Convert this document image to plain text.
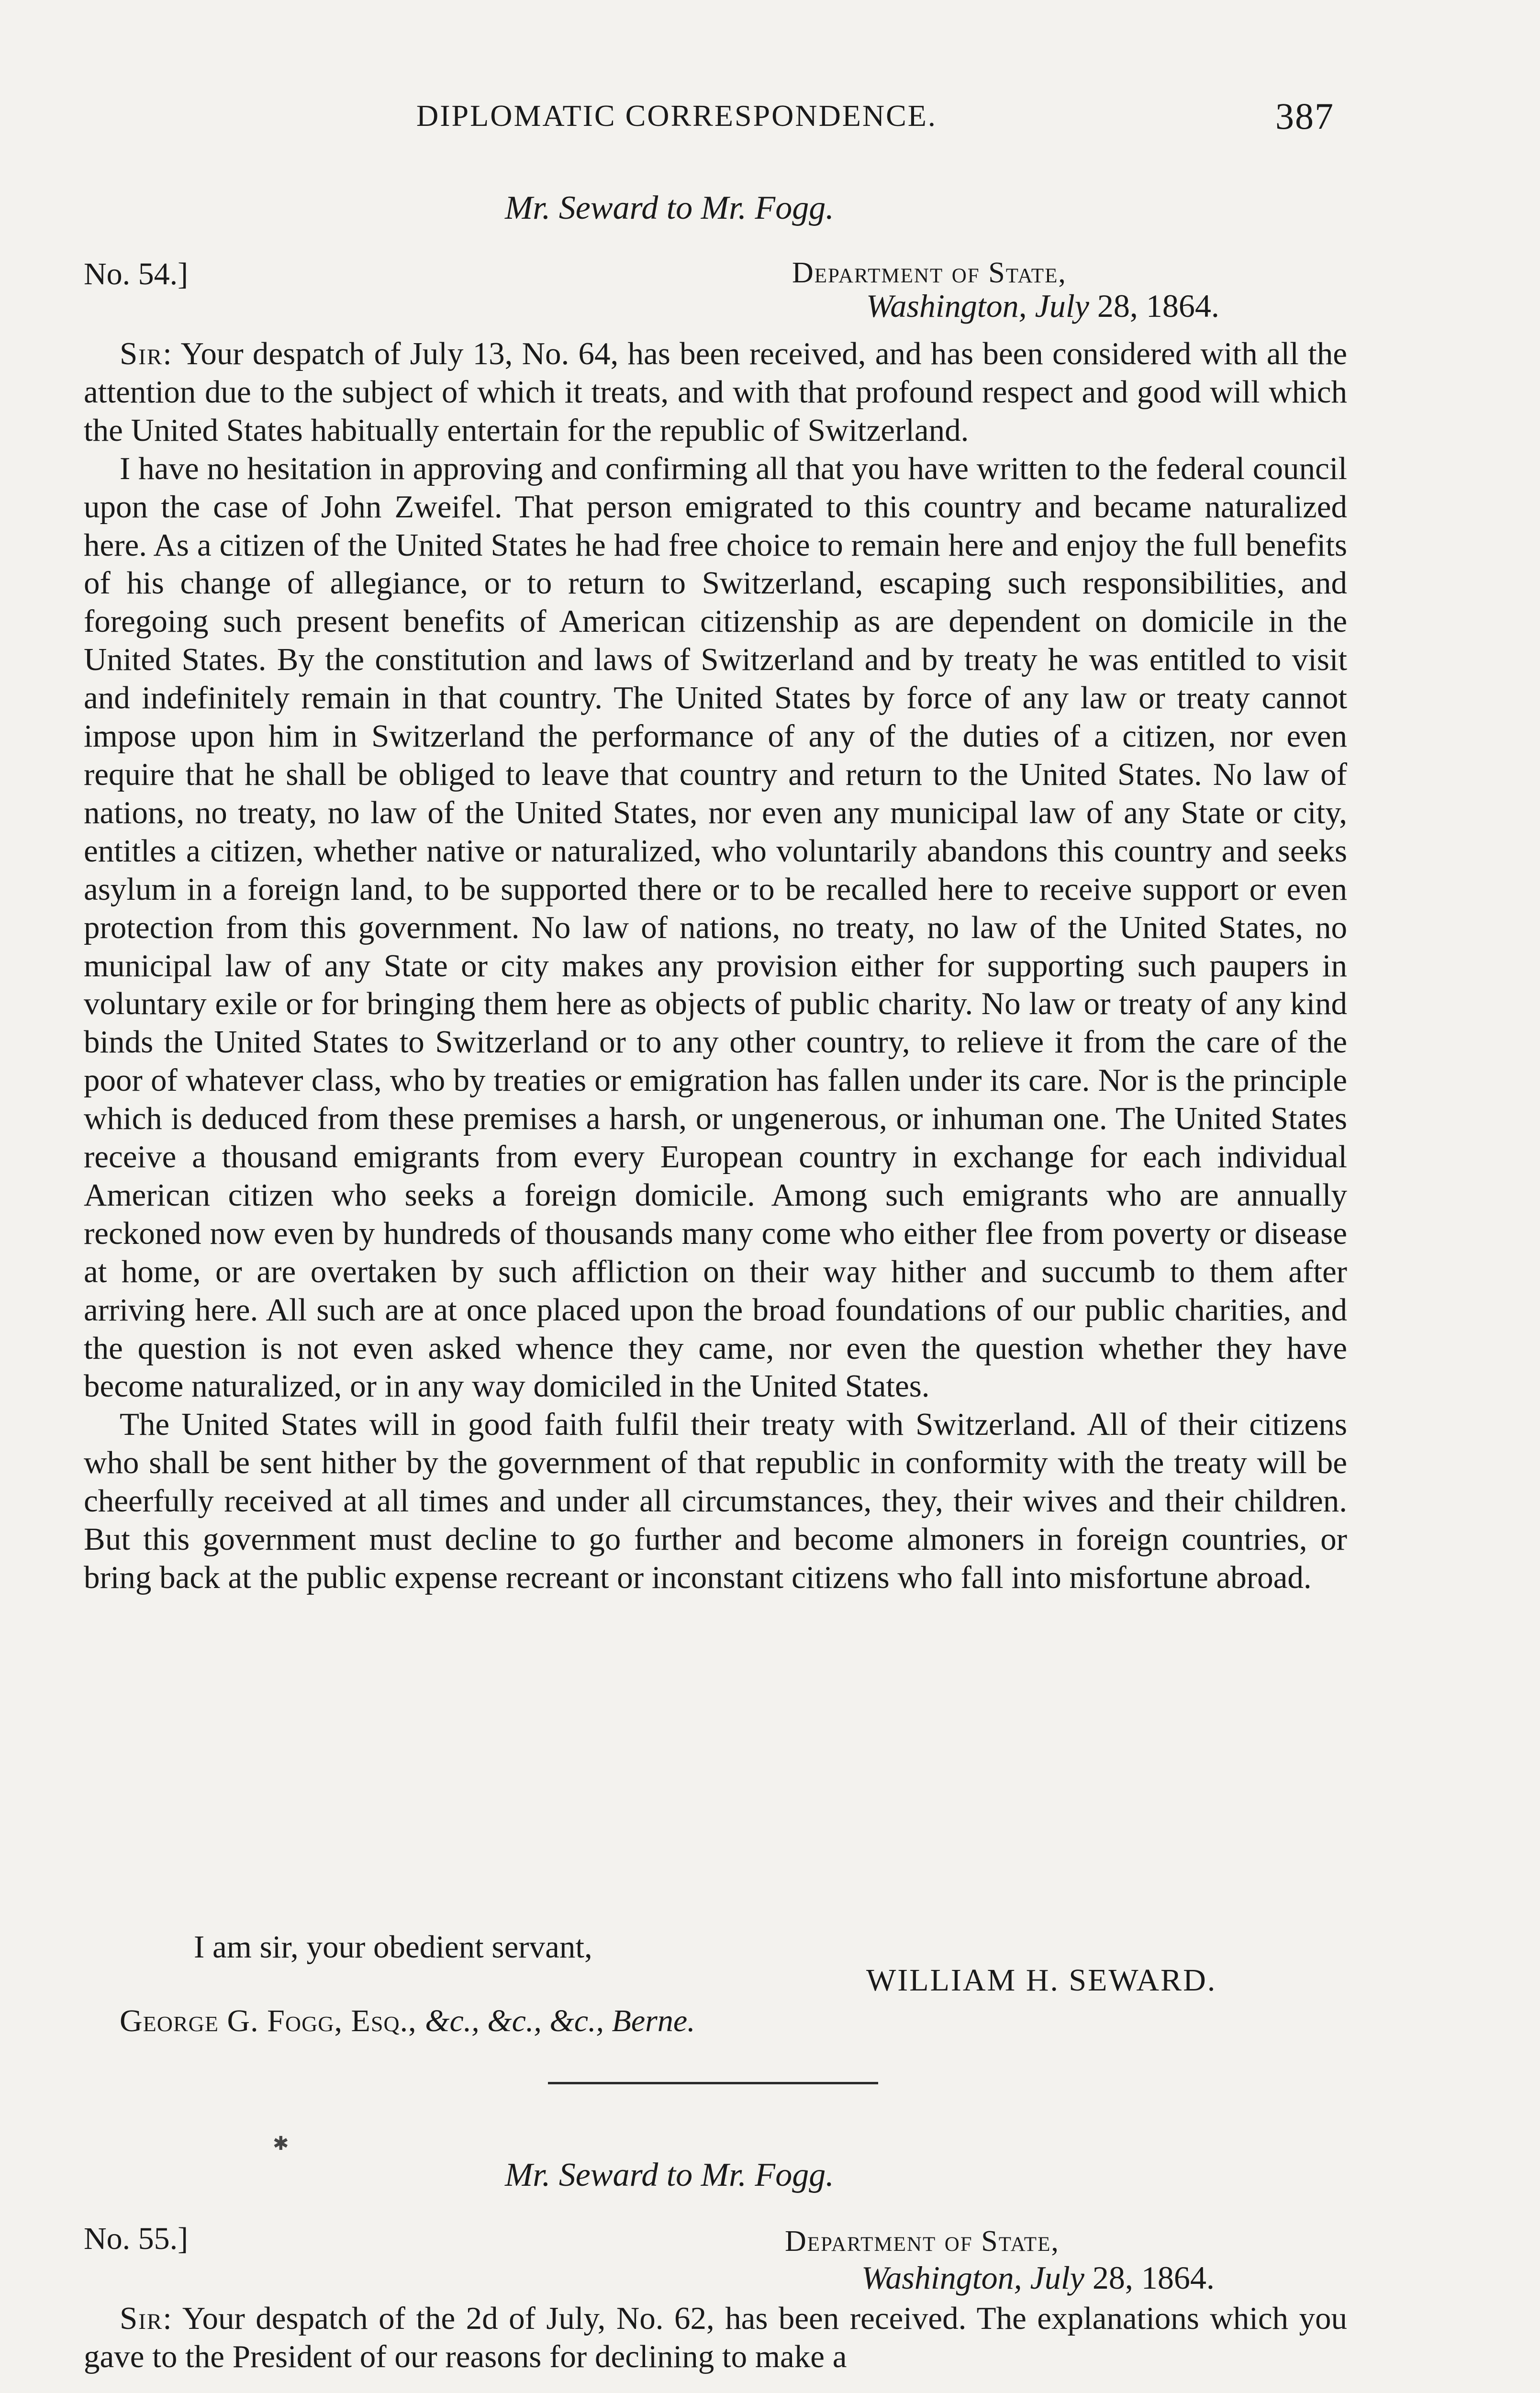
DIPLOMATIC CORRESPONDENCE.	387
Mr. Seward to Mr. Fogg.
No. 54.]	Department of State,
Washington, July 28, 1864.

Sir: Your despatch of July 13, No. 64, has been received, and has been considered with all the attention due to the subject of which it treats, and with that profound respect and good will which the United States habitually entertain for the republic of Switzerland.

I have no hesitation in approving and confirming all that you have written to the federal council upon the case of John Zweifel. That person emigrated to this country and became naturalized here. As a citizen of the United States he had free choice to remain here and enjoy the full benefits of his change of allegiance, or to return to Switzerland, escaping such responsibilities, and foregoing such present benefits of American citizenship as are dependent on domicile in the United States. By the constitution and laws of Switzerland and by treaty he was entitled to visit and indefinitely remain in that country. The United States by force of any law or treaty cannot impose upon him in Switzerland the performance of any of the duties of a citizen, nor even require that he shall be obliged to leave that country and return to the United States. No law of nations, no treaty, no law of the United States, nor even any municipal law of any State or city, entitles a citizen, whether native or naturalized, who voluntarily abandons this country and seeks asylum in a foreign land, to be supported there or to be recalled here to receive support or even protection from this government. No law of nations, no treaty, no law of the United States, no municipal law of any State or city makes any provision either for supporting such paupers in voluntary exile or for bringing them here as objects of public charity. No law or treaty of any kind binds the United States to Switzerland or to any other country, to relieve it from the care of the poor of whatever class, who by treaties or emigration has fallen under its care. Nor is the principle which is deduced from these premises a harsh, or ungenerous, or inhuman one. The United States receive a thousand emigrants from every European country in exchange for each individual American citizen who seeks a foreign domicile. Among such emigrants who are annually reckoned now even by hundreds of thousands many come who either flee from poverty or disease at home, or are overtaken by such affliction on their way hither and succumb to them after arriving here. All such are at once placed upon the broad foundations of our public charities, and the question is not even asked whence they came, nor even the question whether they have become naturalized, or in any way domiciled in the United States.

The United States will in good faith fulfil their treaty with Switzerland. All of their citizens who shall be sent hither by the government of that republic in conformity with the treaty will be cheerfully received at all times and under all circumstances, they, their wives and their children. But this government must decline to go further and become almoners in foreign countries, or bring back at the public expense recreant or inconstant citizens who fall into misfortune abroad.

I am sir, your obedient servant,
WILLIAM H. SEWARD.
George G. Fogg, Esq., &c., &c., &c., Berne.
✱
Mr. Seward to Mr. Fogg.
No. 55.]	Department of State,
Washington, July 28, 1864.

Sir: Your despatch of the 2d of July, No. 62, has been received. The explanations which you gave to the President of our reasons for declining to make a
